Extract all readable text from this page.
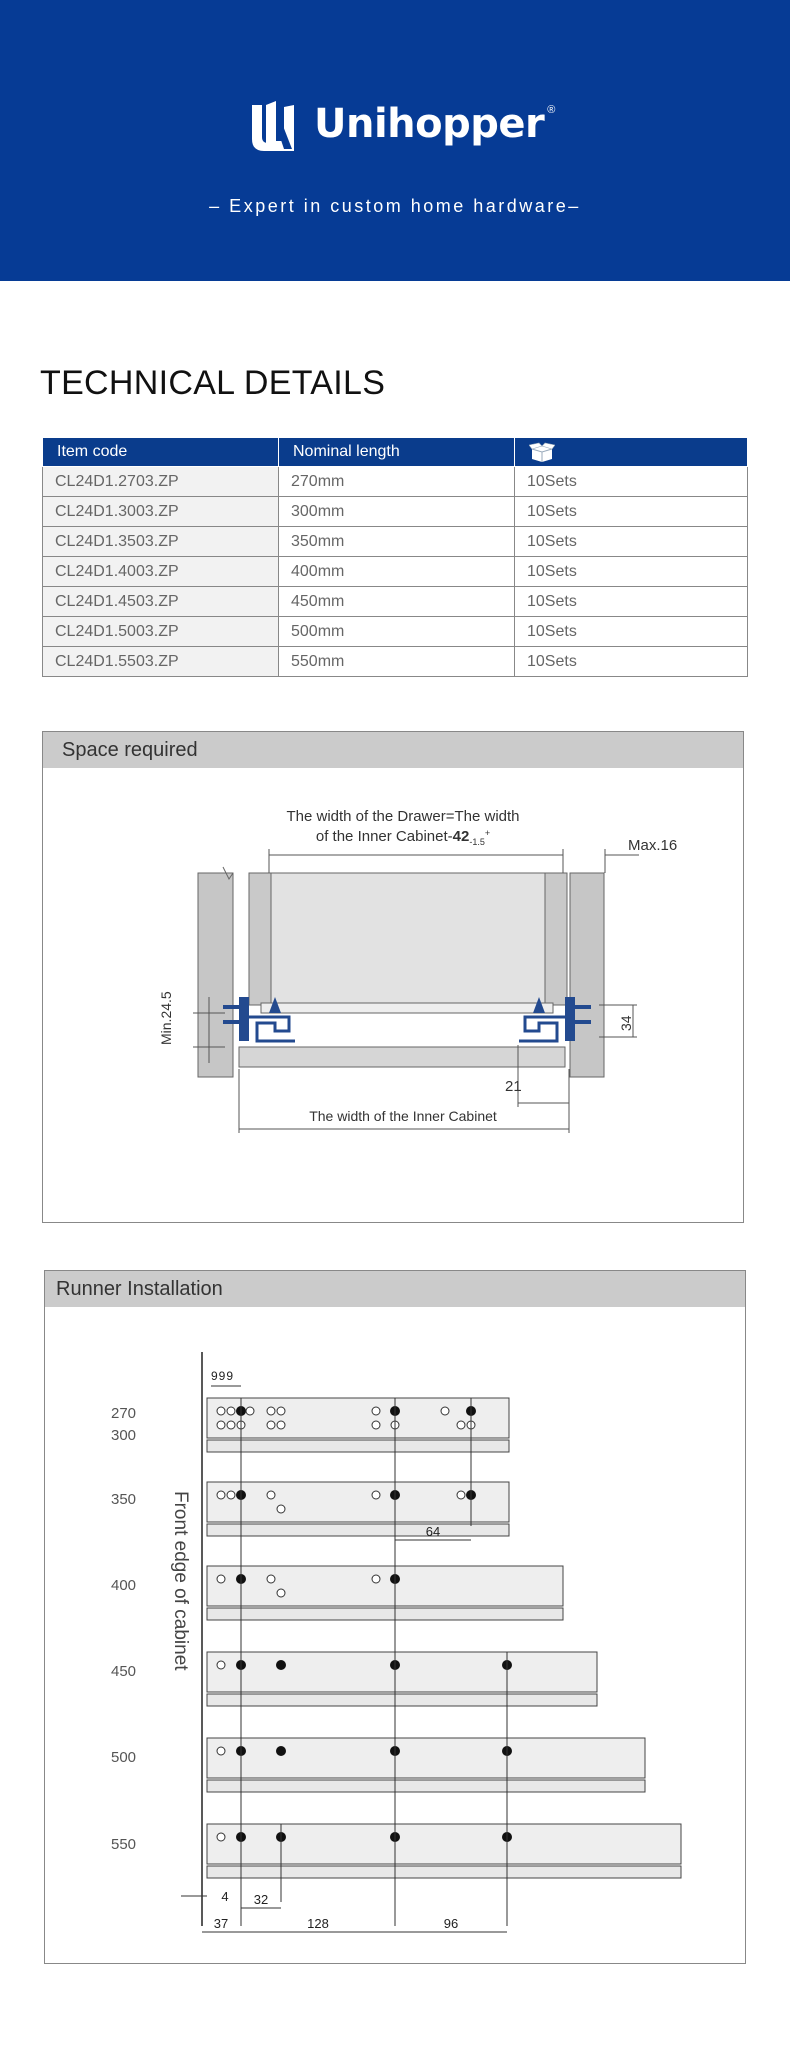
Unihopper ®
– Expert in custom home hardware–
TECHNICAL DETAILS
Item code	Nominal length	
CL24D1.2703.ZP	270mm	10Sets
CL24D1.3003.ZP	300mm	10Sets
CL24D1.3503.ZP	350mm	10Sets
CL24D1.4003.ZP	400mm	10Sets
CL24D1.4503.ZP	450mm	10Sets
CL24D1.5003.ZP	500mm	10Sets
CL24D1.5503.ZP	550mm	10Sets
Space required
The width of the Drawer=The width
of the Inner Cabinet-$42_{-1.5}^+$
Max.16
Min.24.5	34
21
The width of the Inner Cabinet
Runner Installation
Front edge of cabinet
270
300
350
400
450
500
550
999
64
4 32
37	128	96
